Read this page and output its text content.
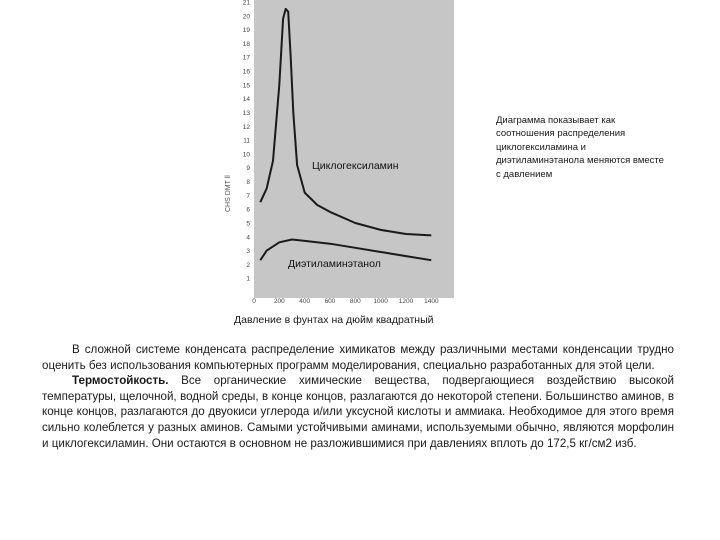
1
2
3
4
5
6
7
8
9
10
11
12
13
14
15
16
17
18
19
20
21
0	200 400 600 800 1000 1200 1400
CHS DMT ll
Циклогексиламин
Диэтиламинэтанол
Давление в фунтах на дюйм квадратный
Диаграмма показывает как соотношения распределения циклогексиламина и диэтиламинэтанола меняются вместе с давлением

В сложной системе конденсата распределение химикатов между различными местами конденсации трудно оценить без использования компьютерных программ моделирования, специально разработанных для этой цели.

Термостойкость. Все органические химические вещества, подвергающиеся воздействию высокой температуры, щелочной, водной среды, в конце концов, разлагаются до некоторой степени. Большинство аминов, в конце концов, разлагаются до двуокиси углерода и/или уксусной кислоты и аммиака. Необходимое для этого время сильно колеблется у разных аминов. Самыми устойчивыми аминами, используемыми обычно, являются морфолин и циклогексиламин. Они остаются в основном не разложившимися при давлениях вплоть до 172,5 кг/см2 изб.
